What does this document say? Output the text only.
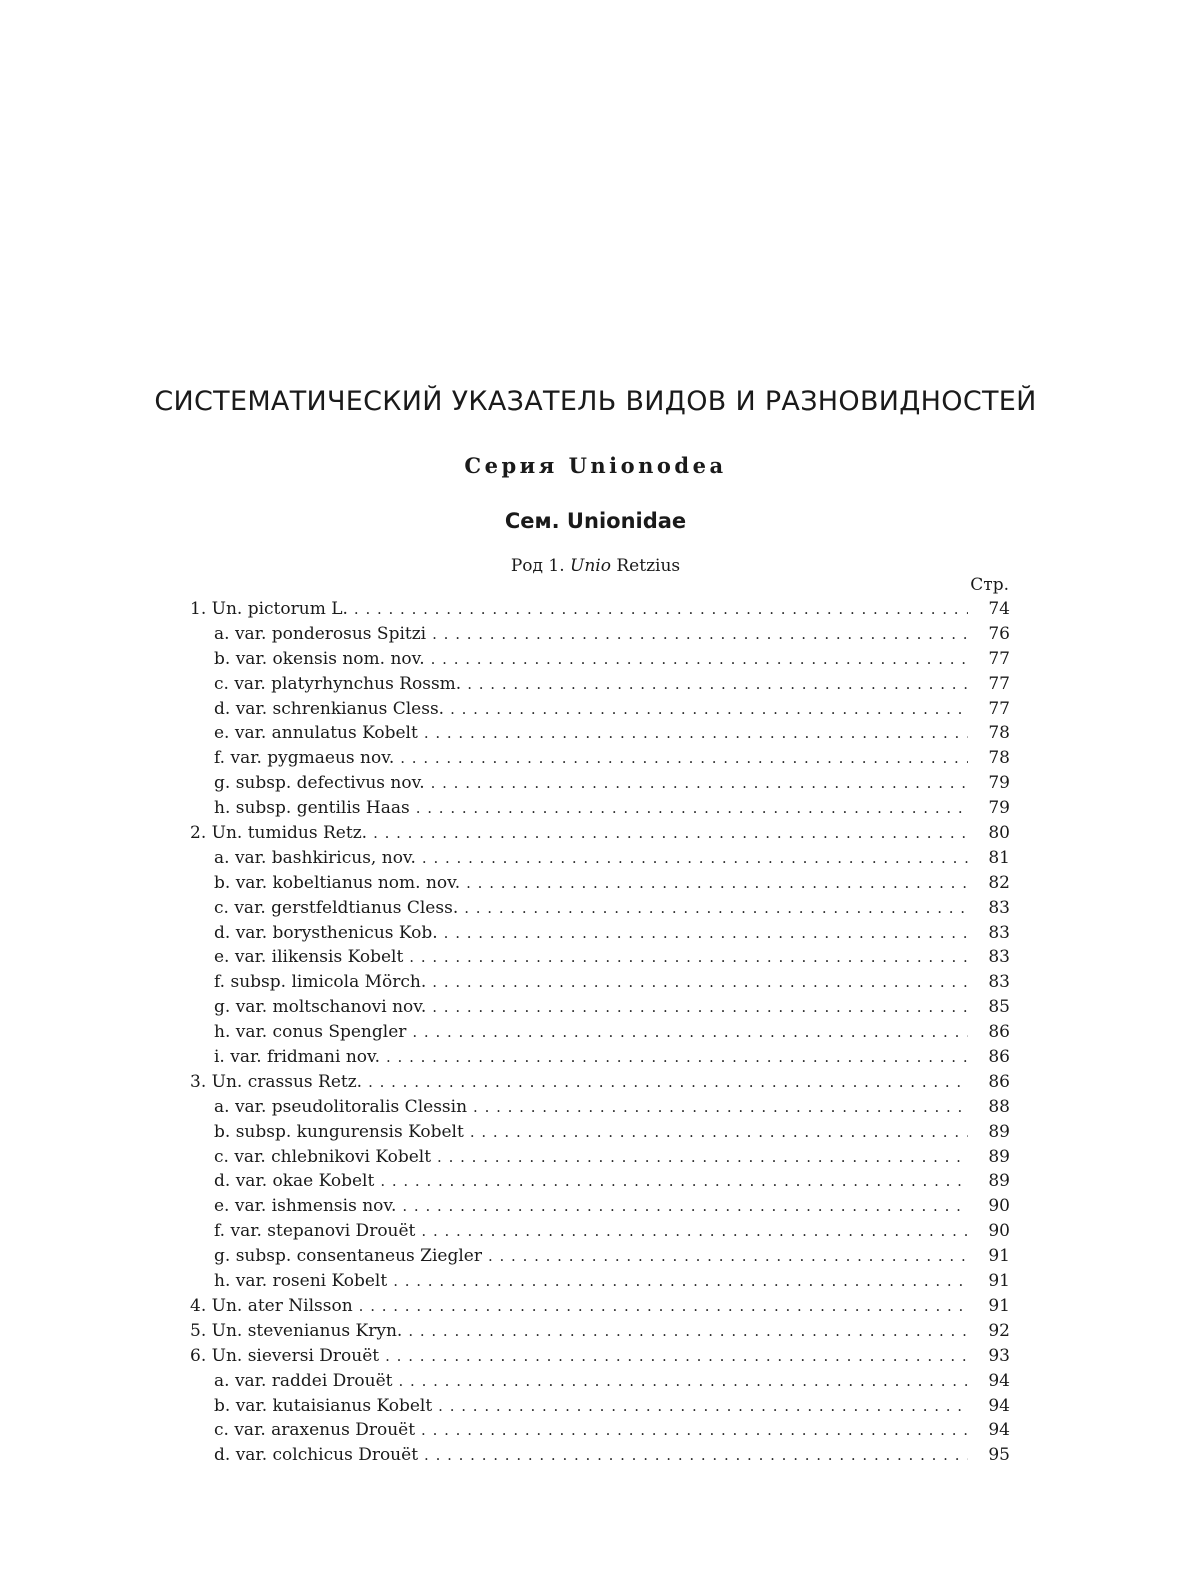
СИСТЕМАТИЧЕСКИЙ УКАЗАТЕЛЬ ВИДОВ И РАЗНОВИДНОСТЕЙ
Серия Unionodea
Сем. Unionidae
Род 1. Unio Retzius
Стр.
1. Un. pictorum L. . . .	74
a. var. ponderosus Spitzi . . .	76
b. var. okensis nom. nov. . . .	77
c. var. platyrhynchus Rossm. . . .	77
d. var. schrenkianus Cless. . . .	77
e. var. annulatus Kobelt . . .	78
f. var. pygmaeus nov. . . .	78
g. subsp. defectivus nov. . . .	79
h. subsp. gentilis Haas . . .	79
2. Un. tumidus Retz. . . .	80
a. var. bashkiricus, nov. . . .	81
b. var. kobeltianus nom. nov. . . .	82
c. var. gerstfeldtianus Cless. . . .	83
d. var. borysthenicus Kob. . . .	83
e. var. ilikensis Kobelt . . .	83
f. subsp. limicola Mörch. . . .	83
g. var. moltschanovi nov. . . .	85
h. var. conus Spengler . . .	86
i. var. fridmani nov. . . .	86
3. Un. crassus Retz. . . .	86
a. var. pseudolitoralis Clessin . . .	88
b. subsp. kungurensis Kobelt . . .	89
c. var. chlebnikovi Kobelt . . .	89
d. var. okae Kobelt . . .	89
e. var. ishmensis nov. . . .	90
f. var. stepanovi Drouët . . .	90
g. subsp. consentaneus Ziegler . . .	91
h. var. roseni Kobelt . . .	91
4. Un. ater Nilsson . . .	91
5. Un. stevenianus Kryn. . . .	92
6. Un. sieversi Drouët . . .	93
a. var. raddei Drouët . . .	94
b. var. kutaisianus Kobelt . . .	94
c. var. araxenus Drouët . . .	94
d. var. colchicus Drouët . . .	95
